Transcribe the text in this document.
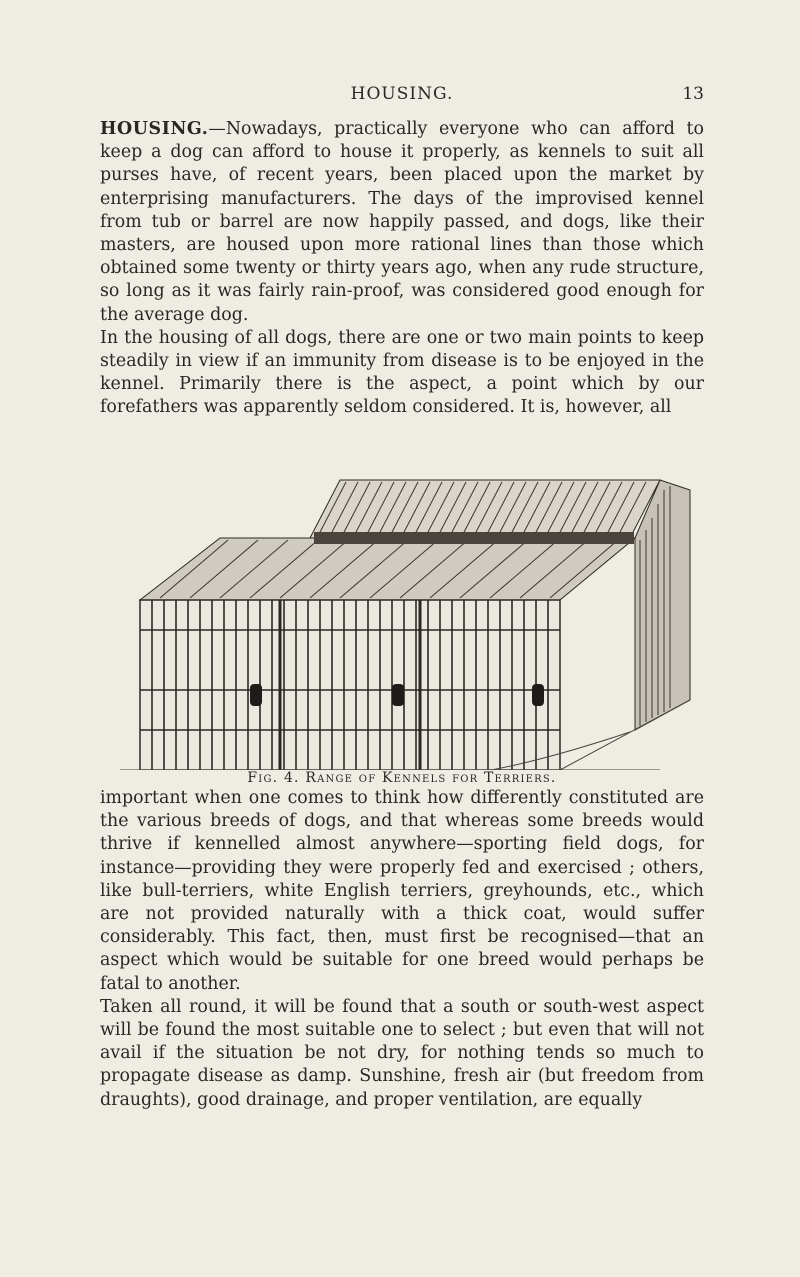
HOUSING.	13

HOUSING.—Nowadays, practically everyone who can afford to keep a dog can afford to house it properly, as kennels to suit all purses have, of recent years, been placed upon the market by enterprising manufacturers. The days of the improvised kennel from tub or barrel are now happily passed, and dogs, like their masters, are housed upon more rational lines than those which obtained some twenty or thirty years ago, when any rude structure, so long as it was fairly rain-proof, was considered good enough for the average dog.

In the housing of all dogs, there are one or two main points to keep steadily in view if an immunity from disease is to be enjoyed in the kennel. Primarily there is the aspect, a point which by our forefathers was apparently seldom considered. It is, however, all

Fig. 4. Range of Kennels for Terriers.

important when one comes to think how differently constituted are the various breeds of dogs, and that whereas some breeds would thrive if kennelled almost anywhere—sporting field dogs, for instance—providing they were properly fed and exercised ; others, like bull-terriers, white English terriers, greyhounds, etc., which are not provided naturally with a thick coat, would suffer considerably. This fact, then, must first be recognised—that an aspect which would be suitable for one breed would perhaps be fatal to another.

Taken all round, it will be found that a south or south-west aspect will be found the most suitable one to select ; but even that will not avail if the situation be not dry, for nothing tends so much to propagate disease as damp. Sunshine, fresh air (but freedom from draughts), good drainage, and proper ventilation, are equally
